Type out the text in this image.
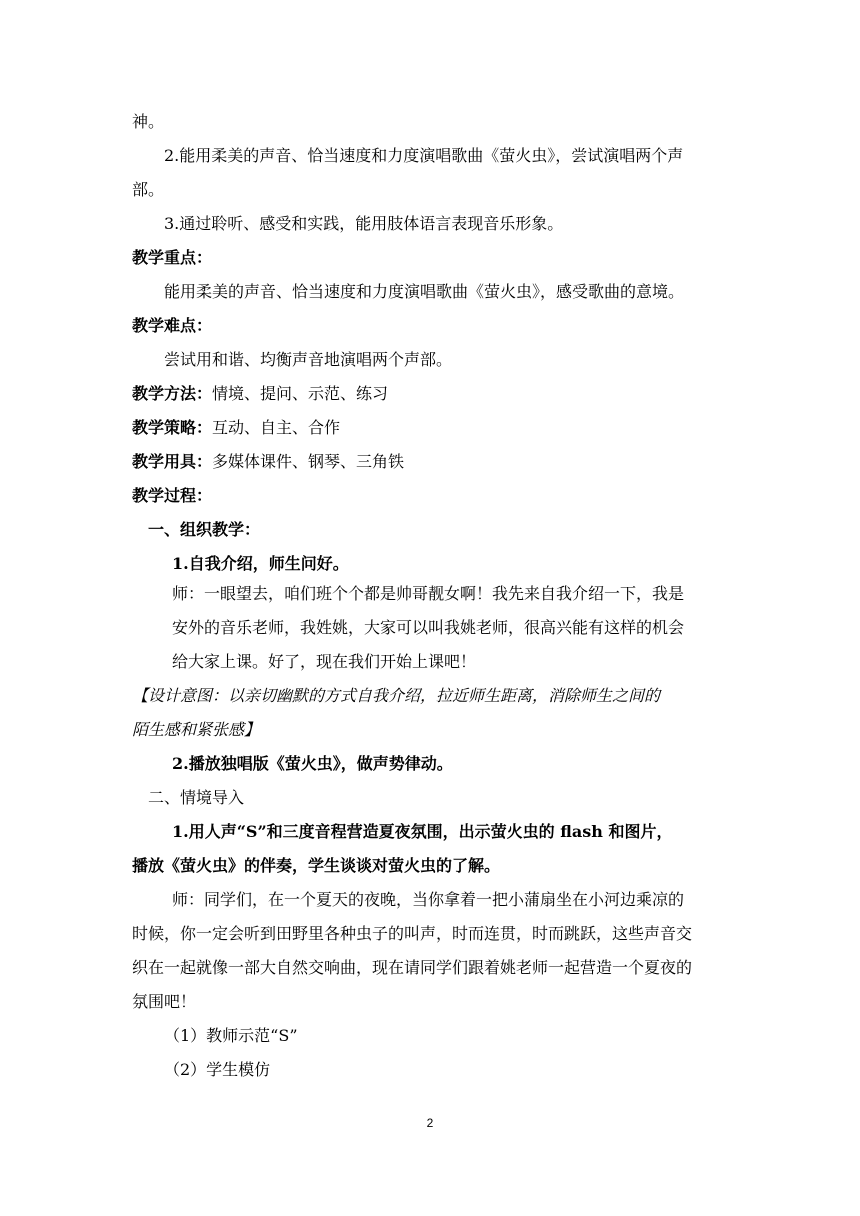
神。
2.能用柔美的声音、恰当速度和力度演唱歌曲《萤火虫》，尝试演唱两个声
部。
3.通过聆听、感受和实践，能用肢体语言表现音乐形象。
教学重点：
能用柔美的声音、恰当速度和力度演唱歌曲《萤火虫》，感受歌曲的意境。
教学难点：
尝试用和谐、均衡声音地演唱两个声部。
教学方法：情境、提问、示范、练习
教学策略：互动、自主、合作
教学用具：多媒体课件、钢琴、三角铁
教学过程：
一、组织教学：
1.自我介绍，师生问好。
师：一眼望去，咱们班个个都是帅哥靓女啊！我先来自我介绍一下，我是
安外的音乐老师，我姓姚，大家可以叫我姚老师，很高兴能有这样的机会
给大家上课。好了，现在我们开始上课吧！
【设计意图：以亲切幽默的方式自我介绍，拉近师生距离，消除师生之间的
陌生感和紧张感】
2.播放独唱版《萤火虫》，做声势律动。
二、情境导入
1.用人声“S”和三度音程营造夏夜氛围，出示萤火虫的 flash 和图片，
播放《萤火虫》的伴奏，学生谈谈对萤火虫的了解。
师：同学们，在一个夏天的夜晚，当你拿着一把小蒲扇坐在小河边乘凉的
时候，你一定会听到田野里各种虫子的叫声，时而连贯，时而跳跃，这些声音交
织在一起就像一部大自然交响曲，现在请同学们跟着姚老师一起营造一个夏夜的
氛围吧！
（1）教师示范“S”
（2）学生模仿
2
